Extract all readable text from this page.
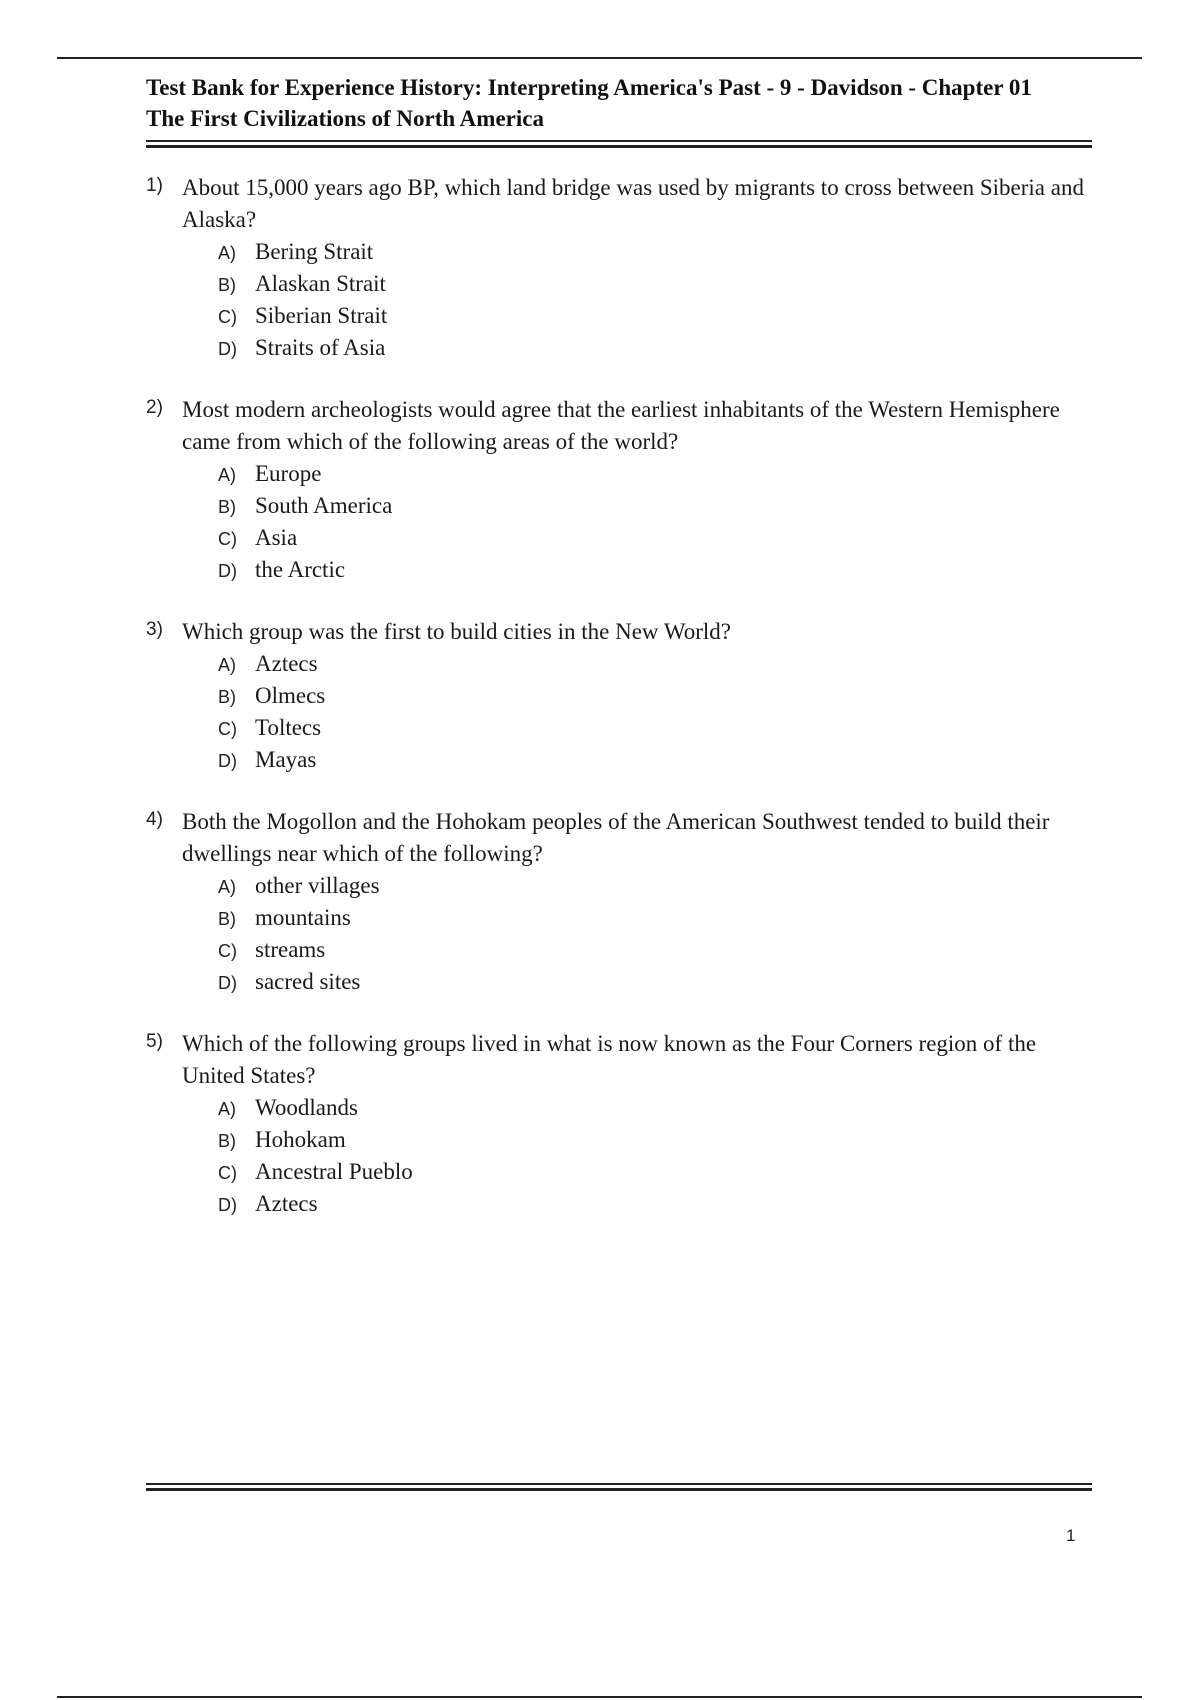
Test Bank for Experience History: Interpreting America's Past - 9 - Davidson - Chapter 01

The First Civilizations of North America

1) About 15,000 years ago BP, which land bridge was used by migrants to cross between Siberia and Alaska?

A) Bering Strait
B) Alaskan Strait
C) Siberian Strait
D) Straits of Asia
2) Most modern archeologists would agree that the earliest inhabitants of the Western Hemisphere came from which of the following areas of the world?

A) Europe
B) South America
C) Asia
D) the Arctic
3) Which group was the first to build cities in the New World?

A) Aztecs
B) Olmecs
C) Toltecs
D) Mayas
4) Both the Mogollon and the Hohokam peoples of the American Southwest tended to build their dwellings near which of the following?

A) other villages
B) mountains
C) streams
D) sacred sites
5) Which of the following groups lived in what is now known as the Four Corners region of the United States?

A) Woodlands
B) Hohokam
C) Ancestral Pueblo
D) Aztecs
1
